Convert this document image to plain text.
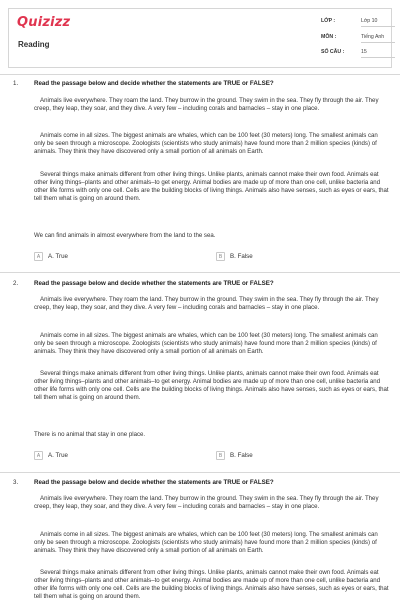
Quizizz
Reading
LỚP :	Lớp 10
MÔN :	Tiếng Anh
SỐ CÂU :	15
1.	Read the passage below and decide whether the statements are TRUE or FALSE?
Animals live everywhere. They roam the land. They burrow in the ground. They swim in the sea. They fly through the air. They creep, they leap, they soar, and they dive. A very few – including corals and barnacles – stay in one place.
Animals come in all sizes. The biggest animals are whales, which can be 100 feet (30 meters) long. The smallest animals can only be seen through a microscope. Zoologists (scientists who study animals) have found more than 2 million species (kinds) of animals. They think they have discovered only a small portion of all animals on Earth.
Several things make animals different from other living things. Unlike plants, animals cannot make their own food. Animals eat other living things–plants and other animals–to get energy. Animal bodies are made up of more than one cell, unlike bacteria and other life forms with only one cell. Cells are the building blocks of living things. Animals also have senses, such as eyes or ears, that tell them what is going on around them.
We can find animals in almost everywhere from the land to the sea.
A	A. True	B	B. False
2.	Read the passage below and decide whether the statements are TRUE or FALSE?
Animals live everywhere. They roam the land. They burrow in the ground. They swim in the sea. They fly through the air. They creep, they leap, they soar, and they dive. A very few – including corals and barnacles – stay in one place.
Animals come in all sizes. The biggest animals are whales, which can be 100 feet (30 meters) long. The smallest animals can only be seen through a microscope. Zoologists (scientists who study animals) have found more than 2 million species (kinds) of animals. They think they have discovered only a small portion of all animals on Earth.
Several things make animals different from other living things. Unlike plants, animals cannot make their own food. Animals eat other living things–plants and other animals–to get energy. Animal bodies are made up of more than one cell, unlike bacteria and other life forms with only one cell. Cells are the building blocks of living things. Animals also have senses, such as eyes or ears, that tell them what is going on around them.
There is no animal that stay in one place.
A	A. True	B	B. False
3.	Read the passage below and decide whether the statements are TRUE or FALSE?
Animals live everywhere. They roam the land. They burrow in the ground. They swim in the sea. They fly through the air. They creep, they leap, they soar, and they dive. A very few – including corals and barnacles – stay in one place.
Animals come in all sizes. The biggest animals are whales, which can be 100 feet (30 meters) long. The smallest animals can only be seen through a microscope. Zoologists (scientists who study animals) have found more than 2 million species (kinds) of animals. They think they have discovered only a small portion of all animals on Earth.
Several things make animals different from other living things. Unlike plants, animals cannot make their own food. Animals eat other living things–plants and other animals–to get energy. Animal bodies are made up of more than one cell, unlike bacteria and other life forms with only one cell. Cells are the building blocks of living things. Animals also have senses, such as eyes or ears, that tell them what is going on around them.
